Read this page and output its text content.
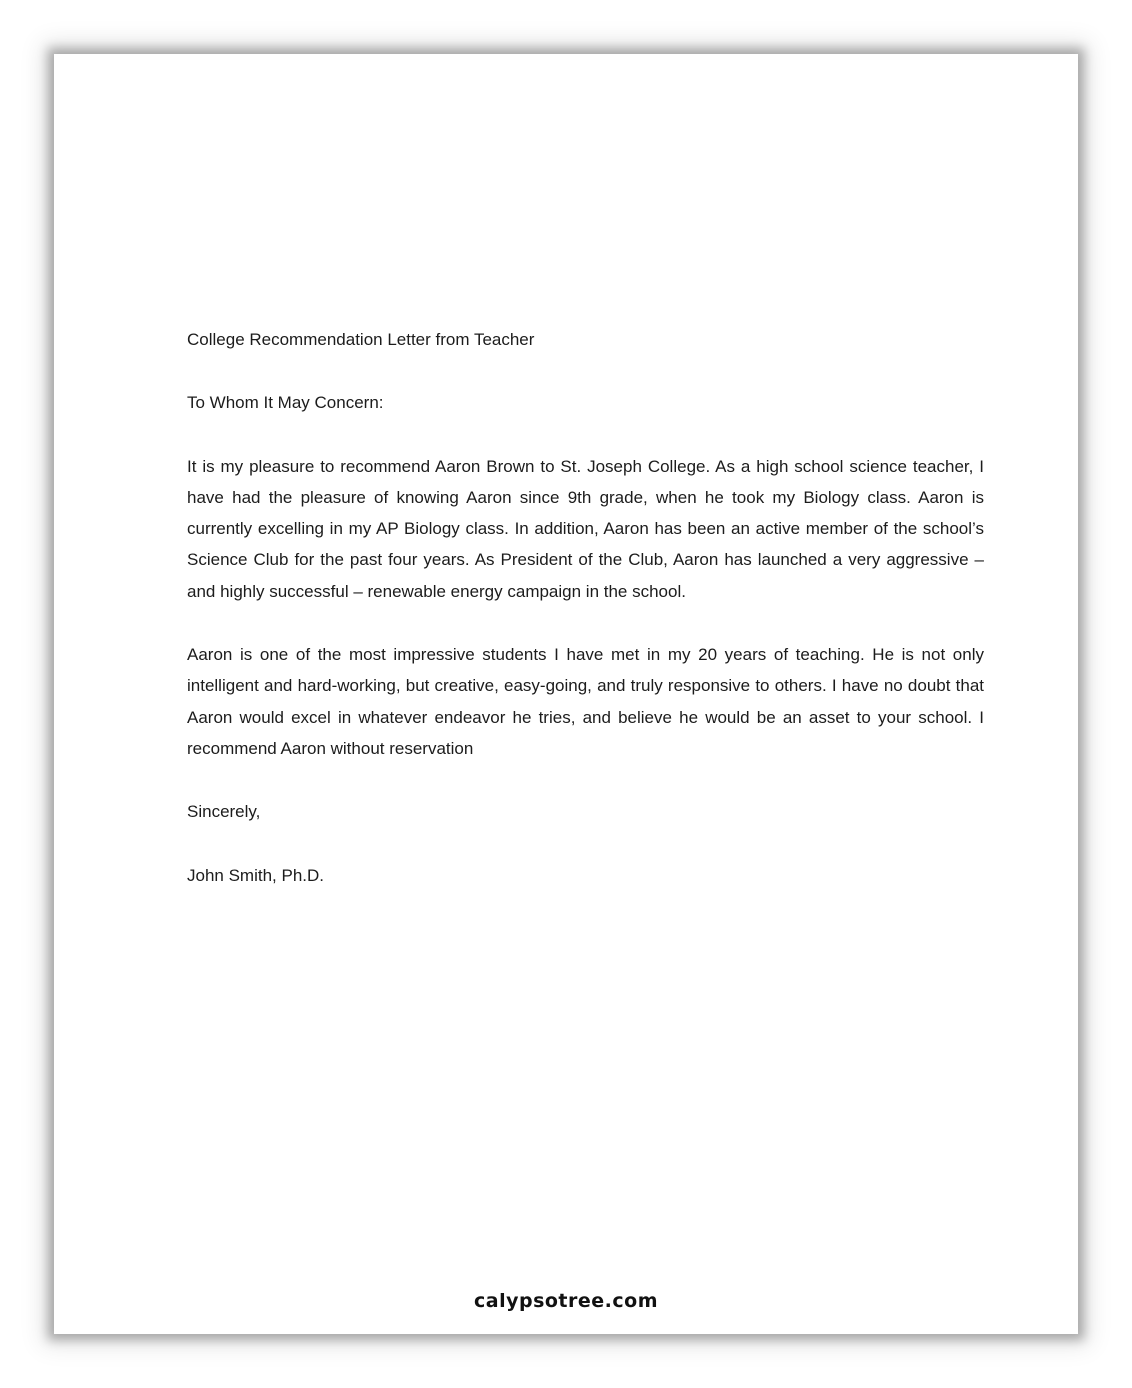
College Recommendation Letter from Teacher

To Whom It May Concern:

It is my pleasure to recommend Aaron Brown to St. Joseph College. As a high school science teacher, I have had the pleasure of knowing Aaron since 9th grade, when he took my Biology class. Aaron is currently excelling in my AP Biology class. In addition, Aaron has been an active member of the school’s Science Club for the past four years. As President of the Club, Aaron has launched a very aggressive – and highly successful – renewable energy campaign in the school.

Aaron is one of the most impressive students I have met in my 20 years of teaching. He is not only intelligent and hard-working, but creative, easy-going, and truly responsive to others. I have no doubt that Aaron would excel in whatever endeavor he tries, and believe he would be an asset to your school. I recommend Aaron without reservation

Sincerely,

John Smith, Ph.D.

calypsotree.com
